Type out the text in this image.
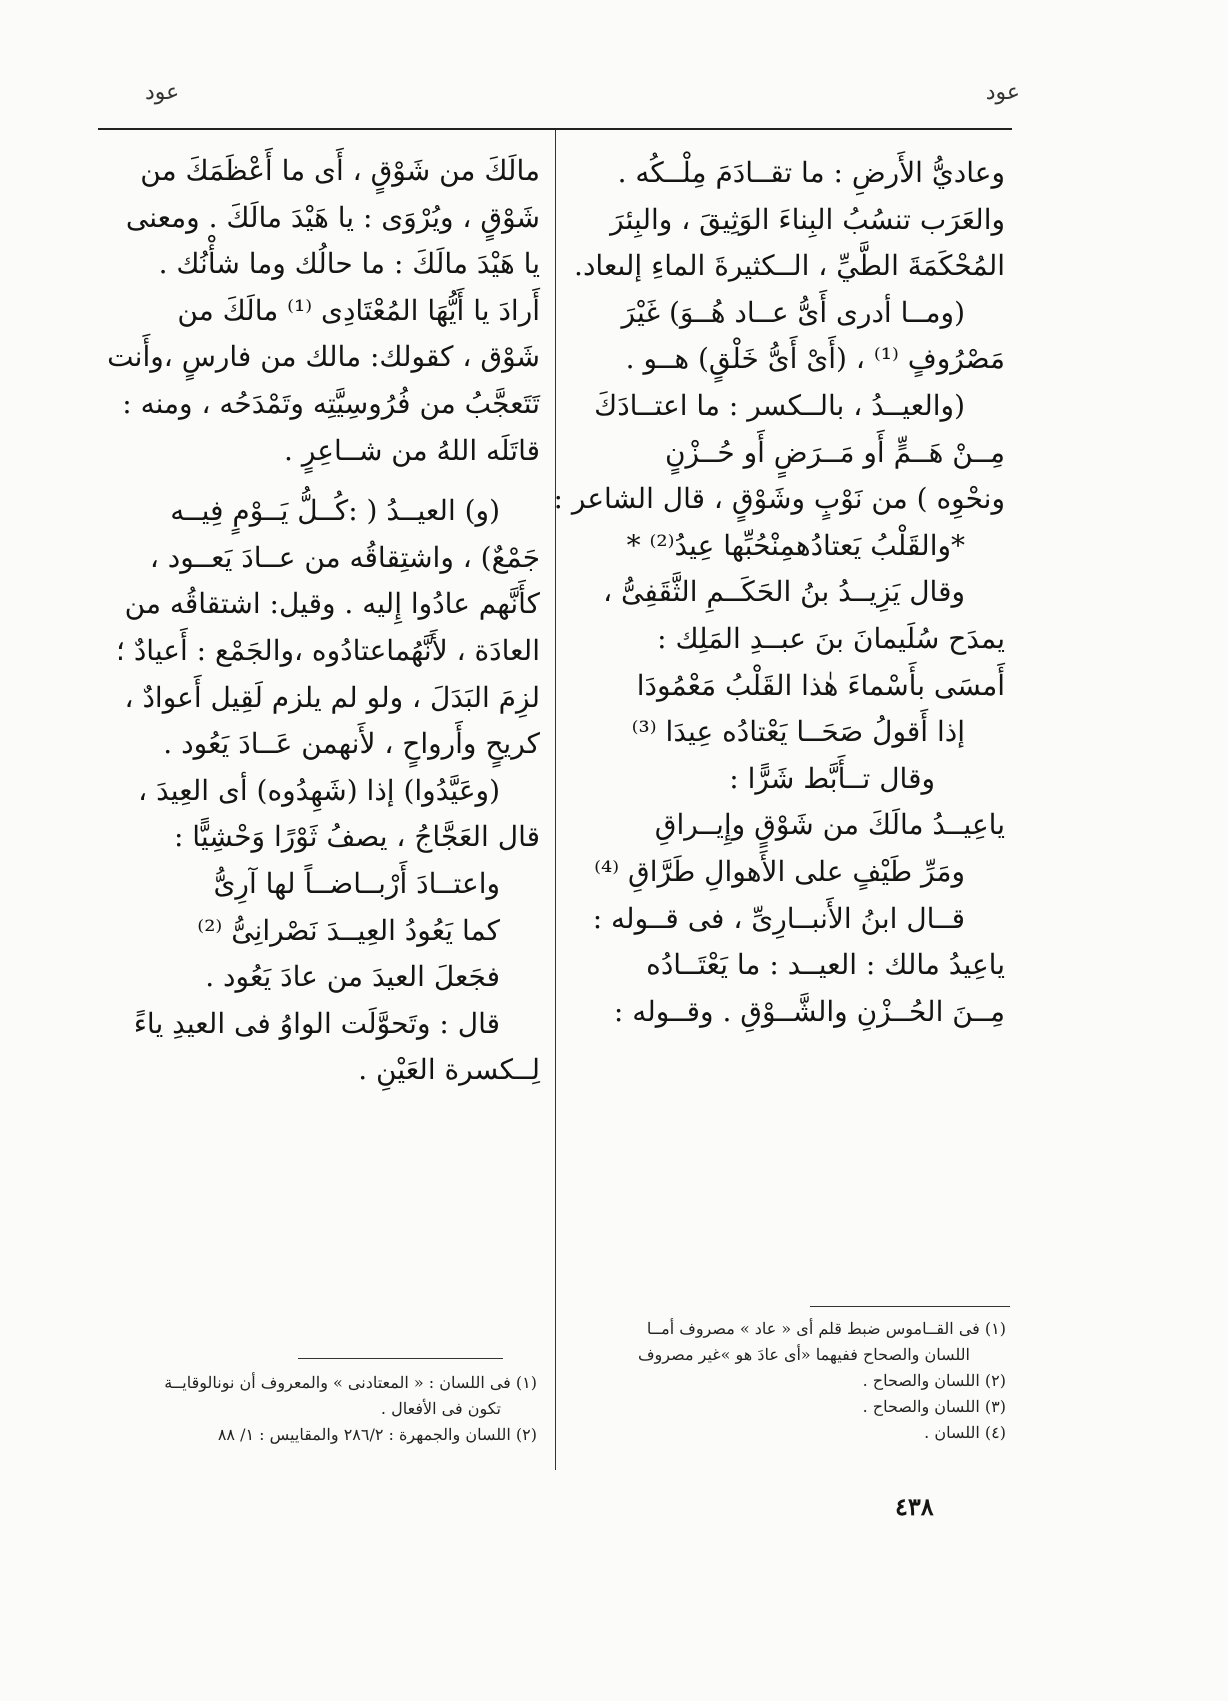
عود
عود
وعاديُّ الأَرضِ : ما تقــادَمَ مِلْــكُه .
والعَرَب تنسُبُ البِناءَ الوَثِيقَ ، والبِئرَ
المُحْكَمَةَ الطَّيِّ ، الــكثيرةَ الماءِ إلىعاد.
(ومــا أدرى أَىُّ عــاد هُــوَ) غَيْرَ
مَصْرُوفٍ ⁽¹⁾ ، (أَىْ أَىُّ خَلْقٍ) هــو .
(والعيــدُ ، بالــكسر : ما اعتــادَكَ
مِــنْ هَــمٍّ أَو مَــرَضٍ أَو حُــزْنٍ
ونحْوِه ) من نَوْبٍ وشَوْقٍ ، قال الشاعر :
*والقَلْبُ يَعتادُهمِنْحُبِّها عِيدُ⁽²⁾ *
وقال يَزِيــدُ بنُ الحَكَــمِ الثَّقَفِىُّ ،
يمدَح سُلَيمانَ بنَ عبــدِ المَلِك :
أَمسَى بأَسْماءَ هٰذا القَلْبُ مَعْمُودَا
إذا أَقولُ صَحَــا يَعْتادُه عِيدَا ⁽³⁾
وقال تــأَبَّط شَرًّا :
ياعِيــدُ مالَكَ من شَوْقٍ وإِيــراقِ
ومَرِّ طَيْفٍ على الأَهوالِ طَرَّاقِ ⁽⁴⁾
قــال ابنُ الأَنبــارِىِّ ، فى قــوله :
ياعِيدُ مالك : العيــد : ما يَعْتَــادُه
مِــنَ الحُــزْنِ والشَّــوْقِ . وقــوله :
مالَكَ من شَوْقٍ ، أَى ما أَعْظَمَكَ من
شَوْقٍ ، ويُرْوَى : يا هَيْدَ مالَكَ . ومعنى
يا هَيْدَ مالَكَ : ما حالُك وما شأْنُك .
أَرادَ يا أَيُّهَا المُعْتَادِى ⁽¹⁾ مالَكَ من
شَوْق ، كقولك: مالك من فارسٍ ،وأَنت
تَتَعجَّبُ من فُرُوسِيَّتِه وتَمْدَحُه ، ومنه :
قاتَلَه اللهُ من شــاعِرٍ .
(و) العيــدُ ( :كُــلُّ يَــوْمٍ فِيــه
جَمْعٌ) ، واشتِقاقُه من عــادَ يَعــود ،
كأَنَّهم عادُوا إِليه . وقيل: اشتقاقُه من
العادَة ، لأَنَّهُماعتادُوه ،والجَمْع : أَعيادٌ ؛
لزِمَ البَدَلَ ، ولو لم يلزم لَقِيل أَعوادٌ ،
كريحٍ وأَرواحٍ ، لأَنهمن عَــادَ يَعُود .
(وعَيَّدُوا) إذا (شَهِدُوه) أى العِيدَ ،
قال العَجَّاجُ ، يصفُ ثَوْرًا وَحْشِيًّا :
واعتــادَ أَرْبــاضــاً لها آرِىُّ
كما يَعُودُ العِيــدَ نَصْرانِىُّ ⁽²⁾
فجَعلَ العيدَ من عادَ يَعُود .
قال : وتَحوَّلَت الواوُ فى العيدِ ياءً
لِــكسرة العَيْنِ .
(١) فى القــاموس ضبط قلم أى « عاد » مصروف أمــا
اللسان والصحاح ففيهما «أى عادَ هو »غير مصروف
(٢) اللسان والصحاح .
(٣) اللسان والصحاح .
(٤) اللسان .
(١) فى اللسان : « المعتادنى » والمعروف أن نونالوقايــة
تكون فى الأفعال .
(٢) اللسان والجمهرة : ٢٨٦/٢ والمقاييس : ١/ ٨٨
٤٣٨
